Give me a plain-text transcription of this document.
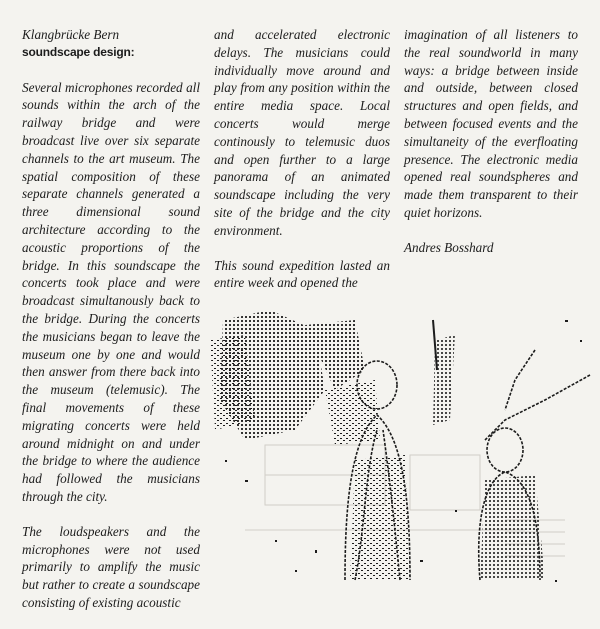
Klangbrücke Bern
soundscape design:

Several microphones recorded all sounds within the arch of the railway bridge and were broadcast live over six separate channels to the art museum. The spatial composition of these separate channels generated a three dimensional sound architecture according to the acoustic proportions of the bridge. In this soundscape the concerts took place and were broadcast simultanously back to the bridge. During the concerts the musicians began to leave the museum one by one and would then answer from there back into the museum (telemusic). The final movements of these migrating concerts were held around midnight on and under the bridge to where the audience had followed the musicians through the city.

The loudspeakers and the microphones were not used primarily to amplify the music but rather to create a soundscape consisting of existing acoustic

and accelerated electronic delays. The musicians could individually move around and play from any position within the entire media space. Local concerts would merge continously to telemusic duos and open further to a large panorama of an animated soundscape including the very site of the bridge and the city environment.

This sound expedition lasted an entire week and opened the

imagination of all listeners to the real soundworld in many ways: a bridge between inside and outside, between closed structures and open fields, and between focused events and the simultaneity of the everfloating presence. The electronic media opened real soundspheres and made them transparent to their quiet horizons.

Andres Bosshard
